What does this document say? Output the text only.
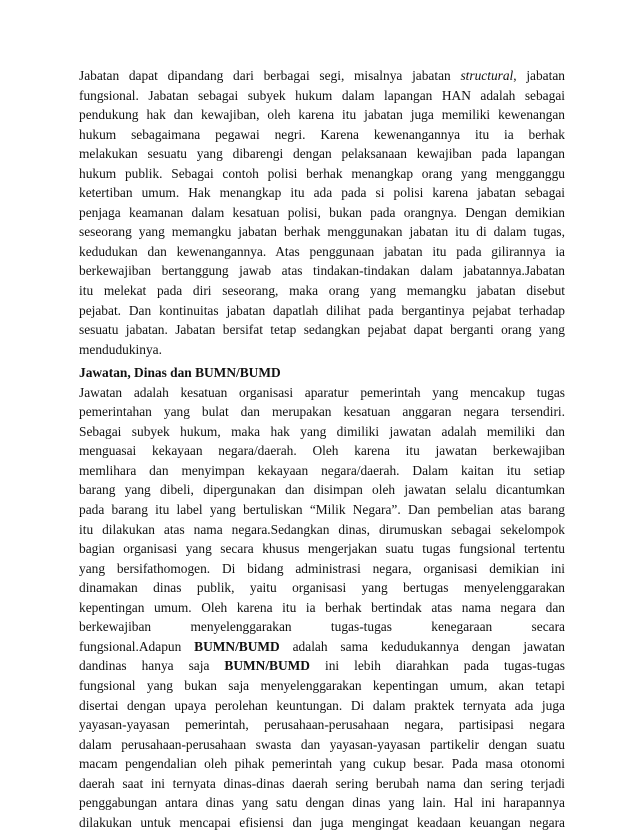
Jabatan dapat dipandang dari berbagai segi, misalnya jabatan structural, jabatan
fungsional. Jabatan sebagai subyek hukum dalam lapangan HAN adalah sebagai
pendukung hak dan kewajiban, oleh karena itu jabatan juga memiliki kewenangan
hukum sebagaimana pegawai negri. Karena kewenangannya itu ia berhak
melakukan sesuatu yang dibarengi dengan pelaksanaan kewajiban pada lapangan
hukum publik. Sebagai contoh polisi berhak menangkap orang yang mengganggu
ketertiban umum. Hak menangkap itu ada pada si polisi karena jabatan sebagai
penjaga keamanan dalam kesatuan polisi, bukan pada orangnya. Dengan demikian
seseorang yang memangku jabatan berhak menggunakan jabatan itu di dalam tugas,
kedudukan dan kewenangannya. Atas penggunaan jabatan itu pada gilirannya ia
berkewajiban bertanggung jawab atas tindakan-tindakan dalam jabatannya.Jabatan
itu melekat pada diri seseorang, maka orang yang memangku jabatan disebut
pejabat. Dan kontinuitas jabatan dapatlah dilihat pada bergantinya pejabat terhadap
sesuatu jabatan. Jabatan bersifat tetap sedangkan pejabat dapat berganti orang yang
mendudukinya.
Jawatan, Dinas dan BUMN/BUMD
Jawatan adalah kesatuan organisasi aparatur pemerintah yang mencakup tugas
pemerintahan yang bulat dan merupakan kesatuan anggaran negara tersendiri.
Sebagai subyek hukum, maka hak yang dimiliki jawatan adalah memiliki dan
menguasai kekayaan negara/daerah. Oleh karena itu jawatan berkewajiban
memlihara dan menyimpan kekayaan negara/daerah. Dalam kaitan itu setiap
barang yang dibeli, dipergunakan dan disimpan oleh jawatan selalu dicantumkan
pada barang itu label yang bertuliskan “Milik Negara”. Dan pembelian atas barang
itu dilakukan atas nama negara.Sedangkan dinas, dirumuskan sebagai sekelompok
bagian organisasi yang secara khusus mengerjakan suatu tugas fungsional tertentu
yang bersifathomogen. Di bidang administrasi negara, organisasi demikian ini
dinamakan dinas publik, yaitu organisasi yang bertugas menyelenggarakan
kepentingan umum. Oleh karena itu ia berhak bertindak atas nama negara dan
berkewajiban menyelenggarakan tugas-tugas kenegaraan secara
fungsional.Adapun BUMN/BUMD adalah sama kedudukannya dengan jawatan
dandinas hanya saja BUMN/BUMD ini lebih diarahkan pada tugas-tugas
fungsional yang bukan saja menyelenggarakan kepentingan umum, akan tetapi
disertai dengan upaya perolehan keuntungan. Di dalam praktek ternyata ada juga
yayasan-yayasan pemerintah, perusahaan-perusahaan negara, partisipasi negara
dalam perusahaan-perusahaan swasta dan yayasan-yayasan partikelir dengan suatu
macam pengendalian oleh pihak pemerintah yang cukup besar. Pada masa otonomi
daerah saat ini ternyata dinas-dinas daerah sering berubah nama dan sering terjadi
penggabungan antara dinas yang satu dengan dinas yang lain. Hal ini harapannya
dilakukan untuk mencapai efisiensi dan juga mengingat keadaan keuangan negara
